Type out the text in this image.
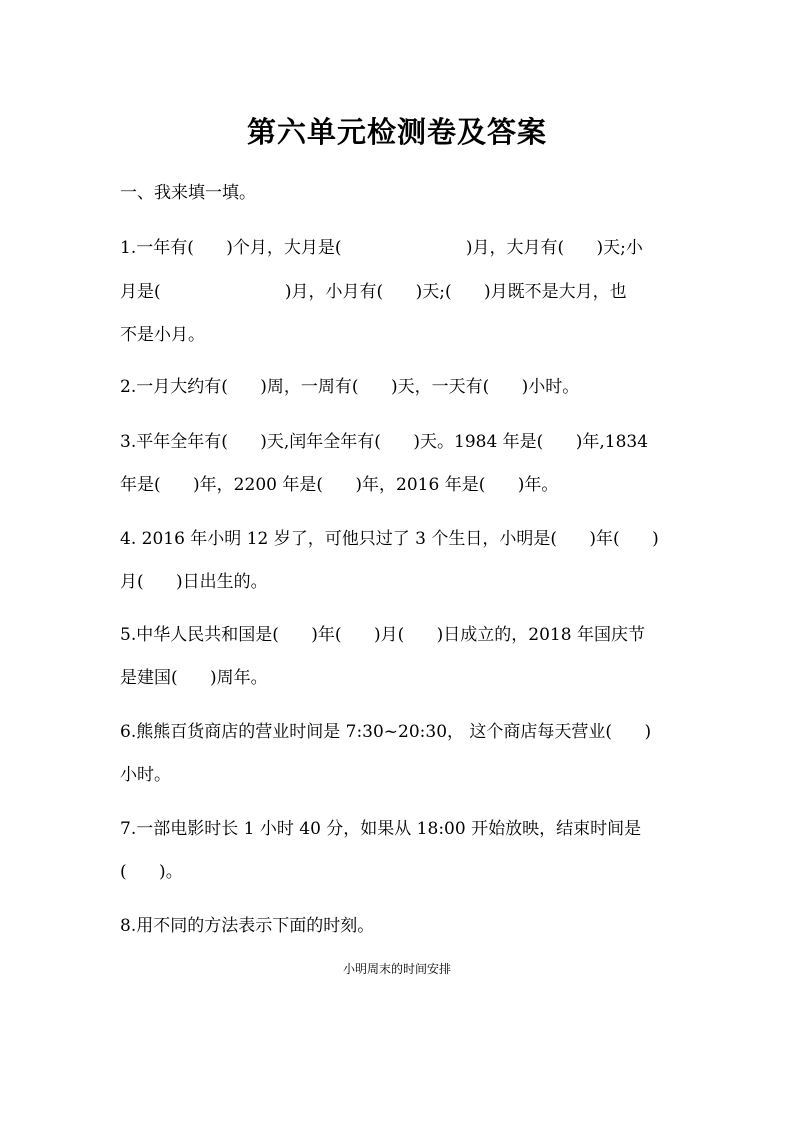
第六单元检测卷及答案
一、我来填一填。
1.一年有(      )个月，大月是(                       )月，大月有(      )天;小
月是(                       )月，小月有(      )天;(      )月既不是大月，也
不是小月。
2.一月大约有(      )周，一周有(      )天，一天有(      )小时。
3.平年全年有(      )天,闰年全年有(      )天。1984 年是(      )年,1834
年是(      )年，2200 年是(      )年，2016 年是(      )年。
4. 2016 年小明 12 岁了，可他只过了 3 个生日，小明是(      )年(      )
月(      )日出生的。
5.中华人民共和国是(      )年(      )月(      )日成立的，2018 年国庆节
是建国(      )周年。
6.熊熊百货商店的营业时间是 7:30~20:30， 这个商店每天营业(      )
小时。
7.一部电影时长 1 小时 40 分，如果从 18:00 开始放映，结束时间是
(      )。
8.用不同的方法表示下面的时刻。
小明周末的时间安排
